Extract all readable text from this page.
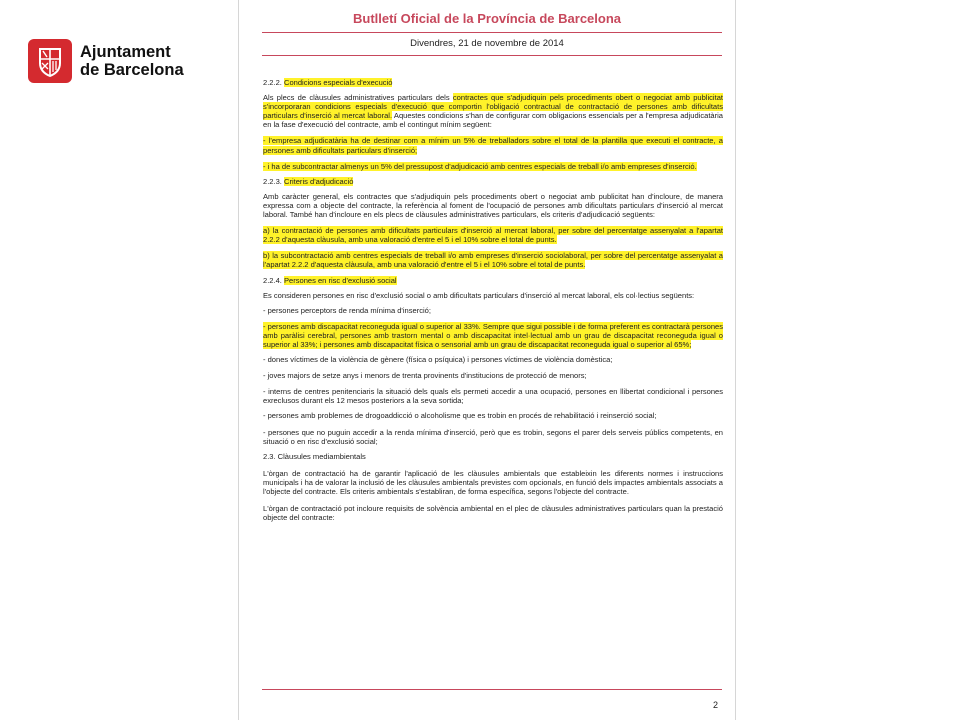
Ajuntament
de Barcelona
Butlletí Oficial de la Província de Barcelona
Divendres, 21 de novembre de 2014

2.2.2. Condicions especials d'execució

Als plecs de clàusules administratives particulars dels contractes que s'adjudiquin pels procediments obert o negociat amb publicitat s'incorporaran condicions especials d'execució que comportin l'obligació contractual de contractació de persones amb dificultats particulars d'inserció al mercat laboral. Aquestes condicions s'han de configurar com obligacions essencials per a l'empresa adjudicatària en la fase d'execució del contracte, amb el contingut mínim següent:

- l'empresa adjudicatària ha de destinar com a mínim un 5% de treballadors sobre el total de la plantilla que executi el contracte, a persones amb dificultats particulars d'inserció;

- i ha de subcontractar almenys un 5% del pressupost d'adjudicació amb centres especials de treball i/o amb empreses d'inserció.

2.2.3. Criteris d'adjudicació

Amb caràcter general, els contractes que s'adjudiquin pels procediments obert o negociat amb publicitat han d'incloure, de manera expressa com a objecte del contracte, la referència al foment de l'ocupació de persones amb dificultats particulars d'inserció al mercat laboral. També han d'incloure en els plecs de clàusules administratives particulars, els criteris d'adjudicació següents:

a) la contractació de persones amb dificultats particulars d'inserció al mercat laboral, per sobre del percentatge assenyalat a l'apartat 2.2.2 d'aquesta clàusula, amb una valoració d'entre el 5 i el 10% sobre el total de punts.

b) la subcontractació amb centres especials de treball i/o amb empreses d'inserció sociolaboral, per sobre del percentatge assenyalat a l'apartat 2.2.2 d'aquesta clàusula, amb una valoració d'entre el 5 i el 10% sobre el total de punts.

2.2.4. Persones en risc d'exclusió social

Es consideren persones en risc d'exclusió social o amb dificultats particulars d'inserció al mercat laboral, els col·lectius següents:

- persones perceptors de renda mínima d'inserció;

- persones amb discapacitat reconeguda igual o superior al 33%. Sempre que sigui possible i de forma preferent es contractarà persones amb paràlisi cerebral, persones amb trastorn mental o amb discapacitat intel·lectual amb un grau de discapacitat reconeguda igual o superior al 33%; i persones amb discapacitat física o sensorial amb un grau de discapacitat reconeguda igual o superior al 65%;

- dones víctimes de la violència de gènere (física o psíquica) i persones víctimes de violència domèstica;

- joves majors de setze anys i menors de trenta provinents d'institucions de protecció de menors;

- interns de centres penitenciaris la situació dels quals els permeti accedir a una ocupació, persones en llibertat condicional i persones exreclusos durant els 12 mesos posteriors a la seva sortida;

- persones amb problemes de drogoaddicció o alcoholisme que es trobin en procés de rehabilitació i reinserció social;

- persones que no puguin accedir a la renda mínima d'inserció, però que es trobin, segons el parer dels serveis públics competents, en situació o en risc d'exclusió social;

2.3. Clàusules mediambientals

L'òrgan de contractació ha de garantir l'aplicació de les clàusules ambientals que estableixin les diferents normes i instruccions municipals i ha de valorar la inclusió de les clàusules ambientals previstes com opcionals, en funció dels impactes ambientals associats a l'objecte del contracte. Els criteris ambientals s'establiran, de forma específica, segons l'objecte del contracte.

L'òrgan de contractació pot incloure requisits de solvència ambiental en el plec de clàusules administratives particulars quan la prestació objecte del contracte:

2
